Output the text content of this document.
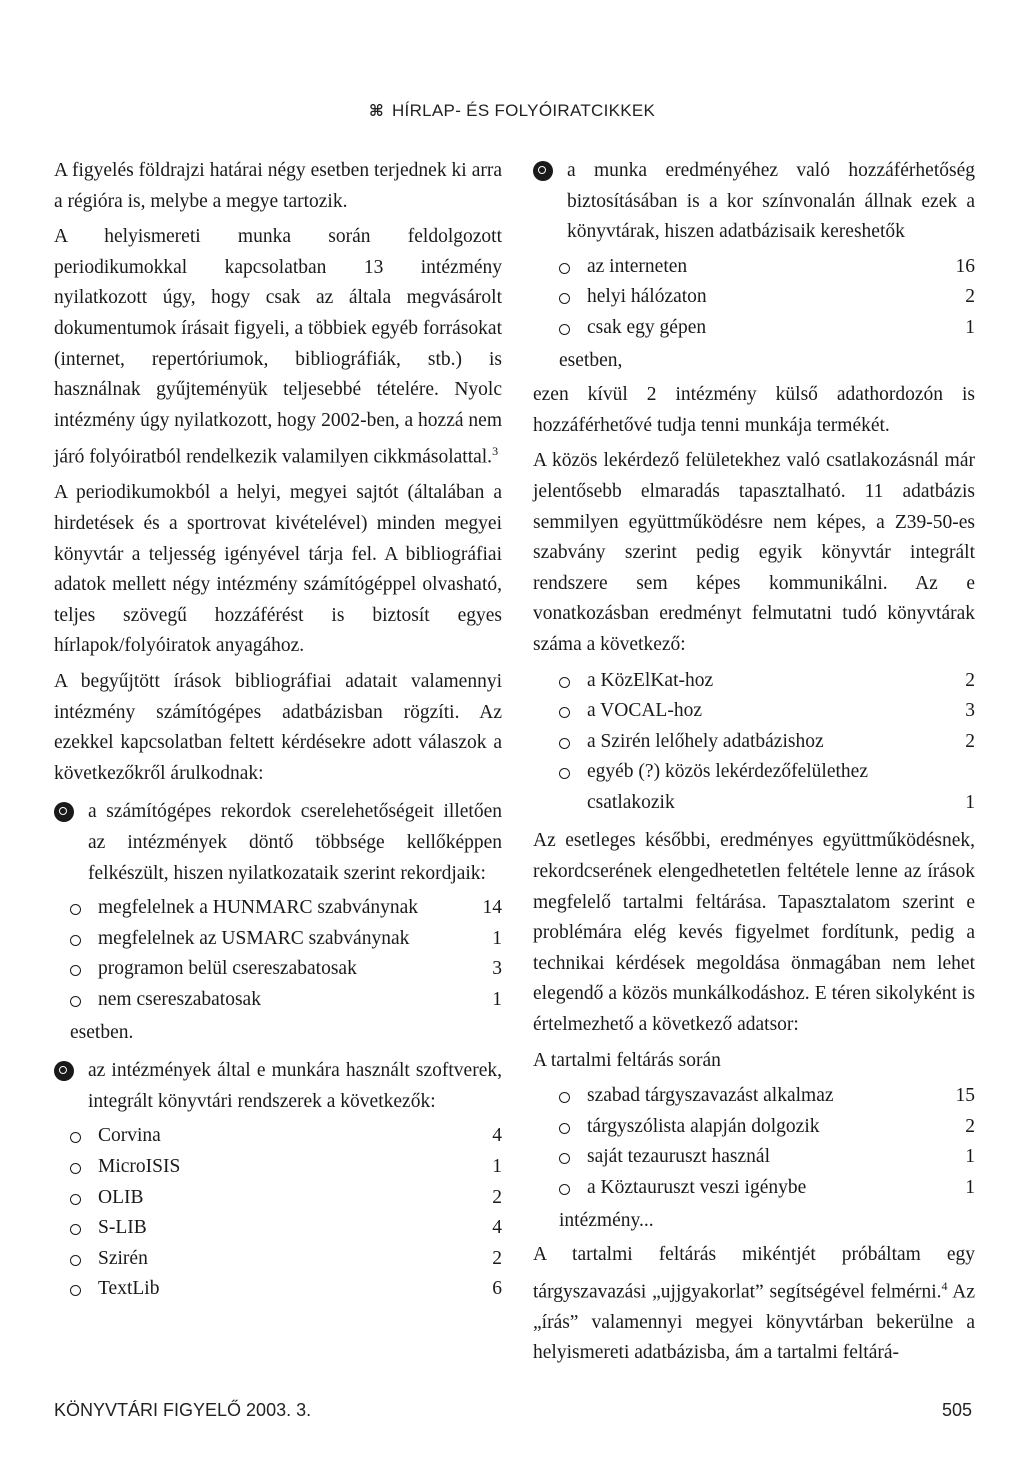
⌘ HÍRLAP- ÉS FOLYÓIRATCIKKEK

A figyelés földrajzi határai négy esetben terjednek ki arra a régióra is, melybe a megye tartozik.

A helyismereti munka során feldolgozott periodikumokkal kapcsolatban 13 intézmény nyilatkozott úgy, hogy csak az általa megvásárolt dokumentumok írásait figyeli, a többiek egyéb forrásokat (internet, repertóriumok, bibliográfiák, stb.) is használnak gyűjteményük teljesebbé tételére. Nyolc intézmény úgy nyilatkozott, hogy 2002-ben, a hozzá nem járó folyóiratból rendelkezik valamilyen cikkmásolattal.$^3$

A periodikumokból a helyi, megyei sajtót (általában a hirdetések és a sportrovat kivételével) minden megyei könyvtár a teljesség igényével tárja fel. A bibliográfiai adatok mellett négy intézmény számítógéppel olvasható, teljes szövegű hozzáférést is biztosít egyes hírlapok/folyóiratok anyagához.

A begyűjtött írások bibliográfiai adatait valamennyi intézmény számítógépes adatbázisban rögzíti. Az ezekkel kapcsolatban feltett kérdésekre adott válaszok a következőkről árulkodnak:

a számítógépes rekordok cserelehetőségeit illetően az intézmények döntő többsége kellőképpen felkészült, hiszen nyilatkozataik szerint rekordjaik:
megfelelnek a HUNMARC szabványnak	14
megfelelnek az USMARC szabványnak	1
programon belül csereszabatosak	3
nem csereszabatosak	1
esetben.
az intézmények által e munkára használt szoftverek, integrált könyvtári rendszerek a következők:
Corvina	4
MicroISIS	1
OLIB	2
S-LIB	4
Szirén	2
TextLib	6
a munka eredményéhez való hozzáférhetőség biztosításában is a kor színvonalán állnak ezek a könyvtárak, hiszen adatbázisaik kereshetők
az interneten	16
helyi hálózaton	2
csak egy gépen	1
esetben,

ezen kívül 2 intézmény külső adathordozón is hozzáférhetővé tudja tenni munkája termékét.

A közös lekérdező felületekhez való csatlakozásnál már jelentősebb elmaradás tapasztalható. 11 adatbázis semmilyen együttműködésre nem képes, a Z39-50-es szabvány szerint pedig egyik könyvtár integrált rendszere sem képes kommunikálni. Az e vonatkozásban eredményt felmutatni tudó könyvtárak száma a következő:

a KözElKat-hoz	2
a VOCAL-hoz	3
a Szirén lelőhely adatbázishoz	2
egyéb (?) közös lekérdezőfelülethez
csatlakozik	1

Az esetleges későbbi, eredményes együttműködésnek, rekordcserének elengedhetetlen feltétele lenne az írások megfelelő tartalmi feltárása. Tapasztalatom szerint e problémára elég kevés figyelmet fordítunk, pedig a technikai kérdések megoldása önmagában nem lehet elegendő a közös munkálkodáshoz. E téren sikolyként is értelmezhető a következő adatsor:

A tartalmi feltárás során

szabad tárgyszavazást alkalmaz	15
tárgyszólista alapján dolgozik	2
saját tezauruszt használ	1
a Köztauruszt veszi igénybe	1
intézmény...

A tartalmi feltárás mikéntjét próbáltam egy tárgyszavazási „ujjgyakorlat” segítségével felmérni.$^4$ Az „írás” valamennyi megyei könyvtárban bekerülne a helyismereti adatbázisba, ám a tartalmi feltárá-

KÖNYVTÁRI FIGYELŐ 2003. 3.	505
